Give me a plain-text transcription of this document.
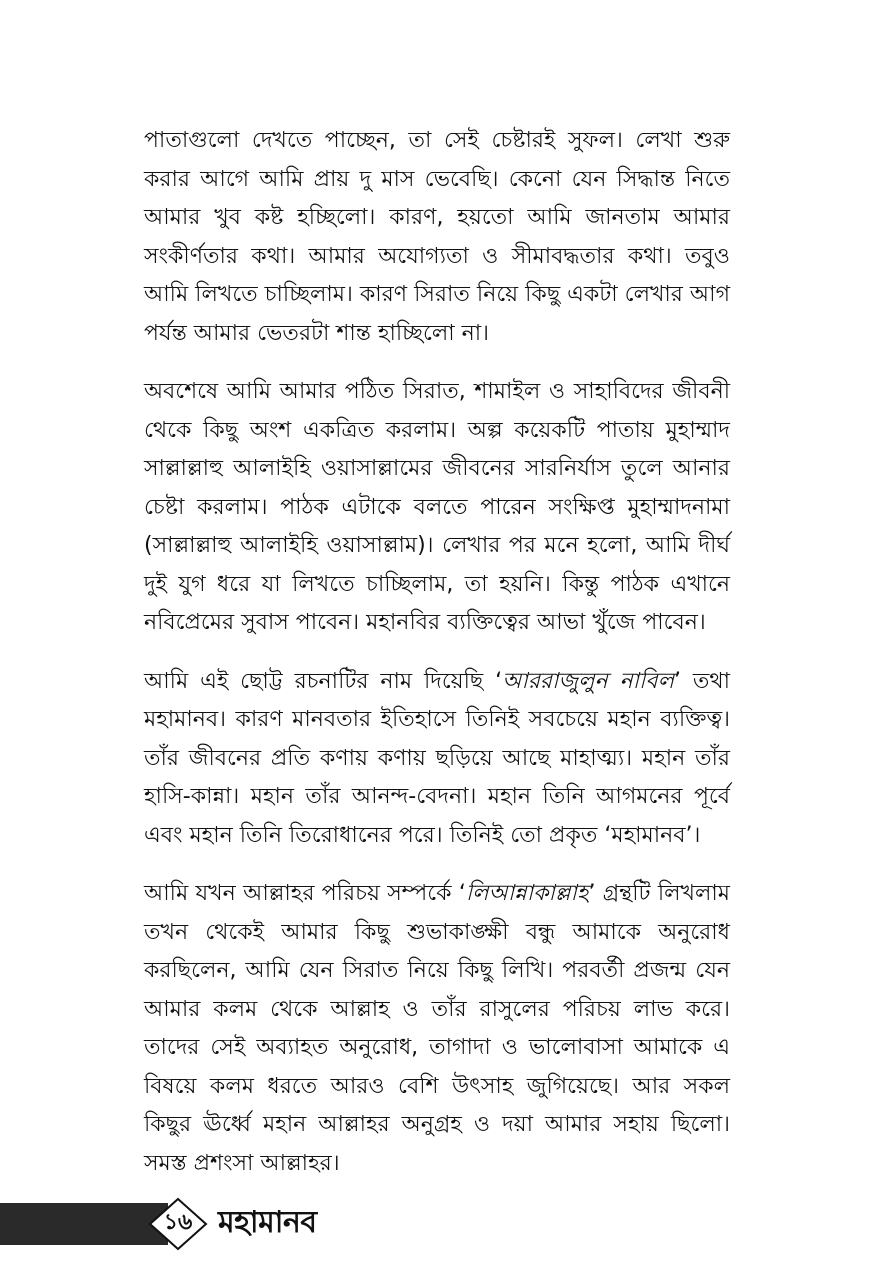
পাতাগুলো দেখতে পাচ্ছেন, তা সেই চেষ্টারই সুফল। লেখা শুরু করার আগে আমি প্রায় দু মাস ভেবেছি। কেনো যেন সিদ্ধান্ত নিতে আমার খুব কষ্ট হচ্ছিলো। কারণ, হয়তো আমি জানতাম আমার সংকীর্ণতার কথা। আমার অযোগ্যতা ও সীমাবদ্ধতার কথা। তবুও আমি লিখতে চাচ্ছিলাম। কারণ সিরাত নিয়ে কিছু একটা লেখার আগ পর্যন্ত আমার ভেতরটা শান্ত হাচ্ছিলো না।

অবশেষে আমি আমার পঠিত সিরাত, শামাইল ও সাহাবিদের জীবনী থেকে কিছু অংশ একত্রিত করলাম। অল্প কয়েকটি পাতায় মুহাম্মাদ সাল্লাল্লাহু আলাইহি ওয়াসাল্লামের জীবনের সারনির্যাস তুলে আনার চেষ্টা করলাম। পাঠক এটাকে বলতে পারেন সংক্ষিপ্ত মুহাম্মাদনামা (সাল্লাল্লাহু আলাইহি ওয়াসাল্লাম)। লেখার পর মনে হলো, আমি দীর্ঘ দুই যুগ ধরে যা লিখতে চাচ্ছিলাম, তা হয়নি। কিন্তু পাঠক এখানে নবিপ্রেমের সুবাস পাবেন। মহানবির ব্যক্তিত্বের আভা খুঁজে পাবেন।

আমি এই ছোট্ট রচনাটির নাম দিয়েছি ‘আররাজুলুন নাবিল’ তথা মহামানব। কারণ মানবতার ইতিহাসে তিনিই সবচেয়ে মহান ব্যক্তিত্ব। তাঁর জীবনের প্রতি কণায় কণায় ছড়িয়ে আছে মাহাত্ম্য। মহান তাঁর হাসি-কান্না। মহান তাঁর আনন্দ-বেদনা। মহান তিনি আগমনের পূর্বে এবং মহান তিনি তিরোধানের পরে। তিনিই তো প্রকৃত ‘মহামানব’।

আমি যখন আল্লাহর পরিচয় সম্পর্কে ‘লিআন্নাকাল্লাহ’ গ্রন্থটি লিখলাম তখন থেকেই আমার কিছু শুভাকাঙ্ক্ষী বন্ধু আমাকে অনুরোধ করছিলেন, আমি যেন সিরাত নিয়ে কিছু লিখি। পরবর্তী প্রজন্ম যেন আমার কলম থেকে আল্লাহ ও তাঁর রাসুলের পরিচয় লাভ করে। তাদের সেই অব্যাহত অনুরোধ, তাগাদা ও ভালোবাসা আমাকে এ বিষয়ে কলম ধরতে আরও বেশি উৎসাহ জুগিয়েছে। আর সকল কিছুর ঊর্ধ্বে মহান আল্লাহর অনুগ্রহ ও দয়া আমার সহায় ছিলো। সমস্ত প্রশংসা আল্লাহর।

১৬ মহামানব
